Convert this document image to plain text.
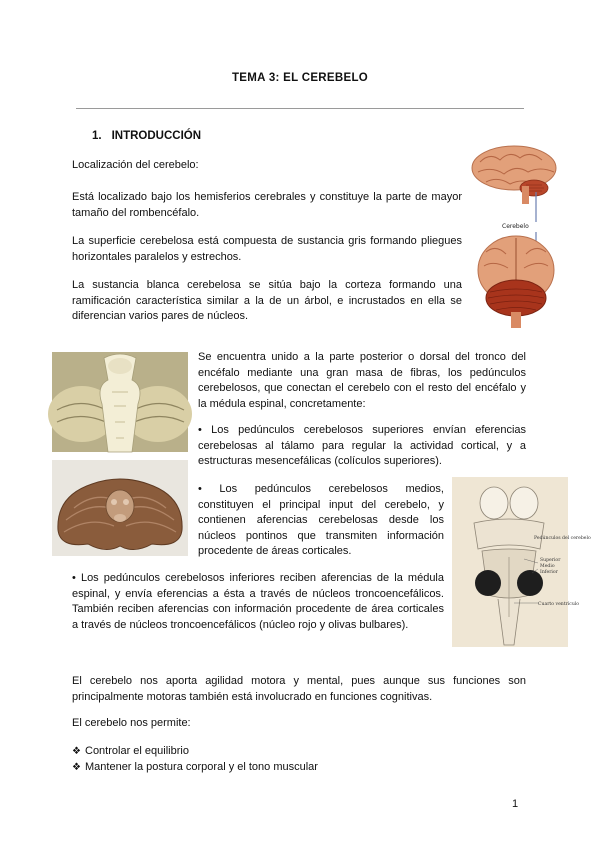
TEMA 3: EL CEREBELO
1. INTRODUCCIÓN
Localización del cerebelo:
Está localizado bajo los hemisferios cerebrales y constituye la parte de mayor tamaño del rombencéfalo.
La superficie cerebelosa está compuesta de sustancia gris formando pliegues horizontales paralelos y estrechos.
La sustancia blanca cerebelosa se sitúa bajo la corteza formando una ramificación característica similar a la de un árbol, e incrustados en ella se diferencian varios pares de núcleos.
Se encuentra unido a la parte posterior o dorsal del tronco del encéfalo mediante una gran masa de fibras, los pedúnculos cerebelosos, que conectan el cerebelo con el resto del encéfalo y la médula espinal, concretamente:
• Los pedúnculos cerebelosos superiores envían eferencias cerebelosas al tálamo para regular la actividad cortical, y a estructuras mesencefálicas (colículos superiores).
• Los pedúnculos cerebelosos medios, constituyen el principal input del cerebelo, y contienen aferencias cerebelosas desde los núcleos pontinos que transmiten información procedente de áreas corticales.
• Los pedúnculos cerebelosos inferiores reciben aferencias de la médula espinal, y envía eferencias a ésta a través de núcleos troncoencefálicos. También reciben aferencias con información procedente de área corticales a través de núcleos troncoencefálicos (núcleo rojo y olivas bulbares).
El cerebelo nos aporta agilidad motora y mental, pues aunque sus funciones son principalmente motoras también está involucrado en funciones cognitivas.
El cerebelo nos permite:
❖ Controlar el equilibrio
❖ Mantener la postura corporal y el tono muscular
1
Cerebelo
Pedúnculos del cerebelo
Superior
Medio
Inferior
Cuarto ventrículo
